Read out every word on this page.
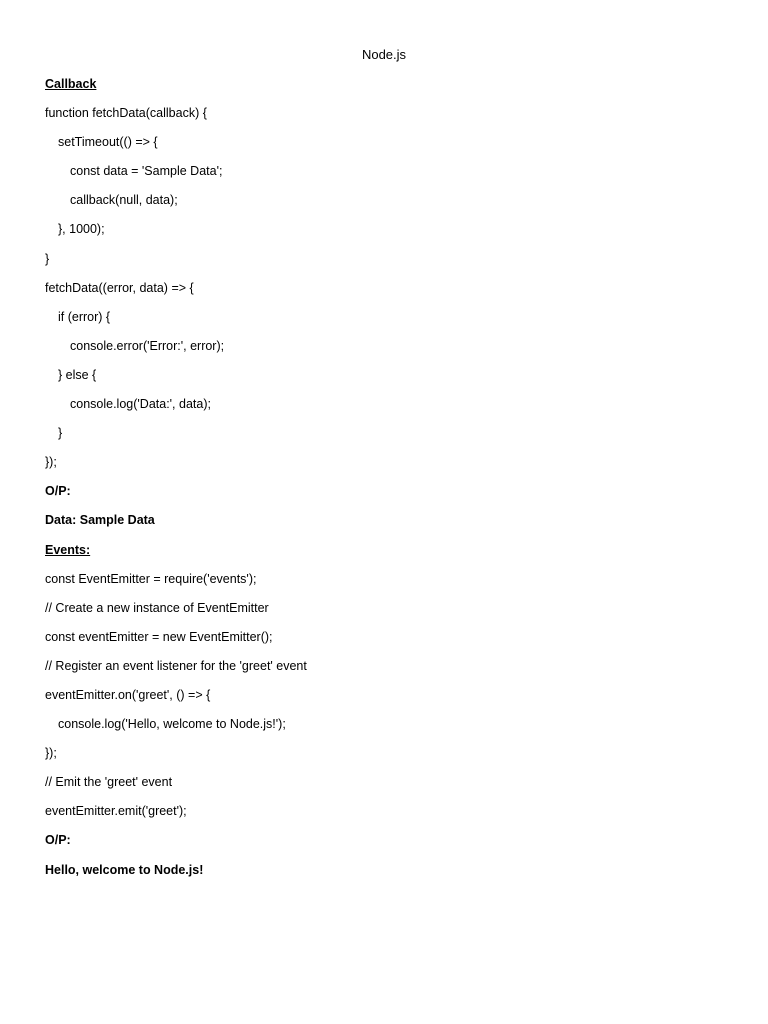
Node.js
Callback
function fetchData(callback) {
setTimeout(() => {
const data = 'Sample Data';
callback(null, data);
}, 1000);
}
fetchData((error, data) => {
if (error) {
console.error('Error:', error);
} else {
console.log('Data:', data);
}
});
O/P:
Data: Sample Data
Events:
const EventEmitter = require('events');
// Create a new instance of EventEmitter
const eventEmitter = new EventEmitter();
// Register an event listener for the 'greet' event
eventEmitter.on('greet', () => {
console.log('Hello, welcome to Node.js!');
});
// Emit the 'greet' event
eventEmitter.emit('greet');
O/P:
Hello, welcome to Node.js!
